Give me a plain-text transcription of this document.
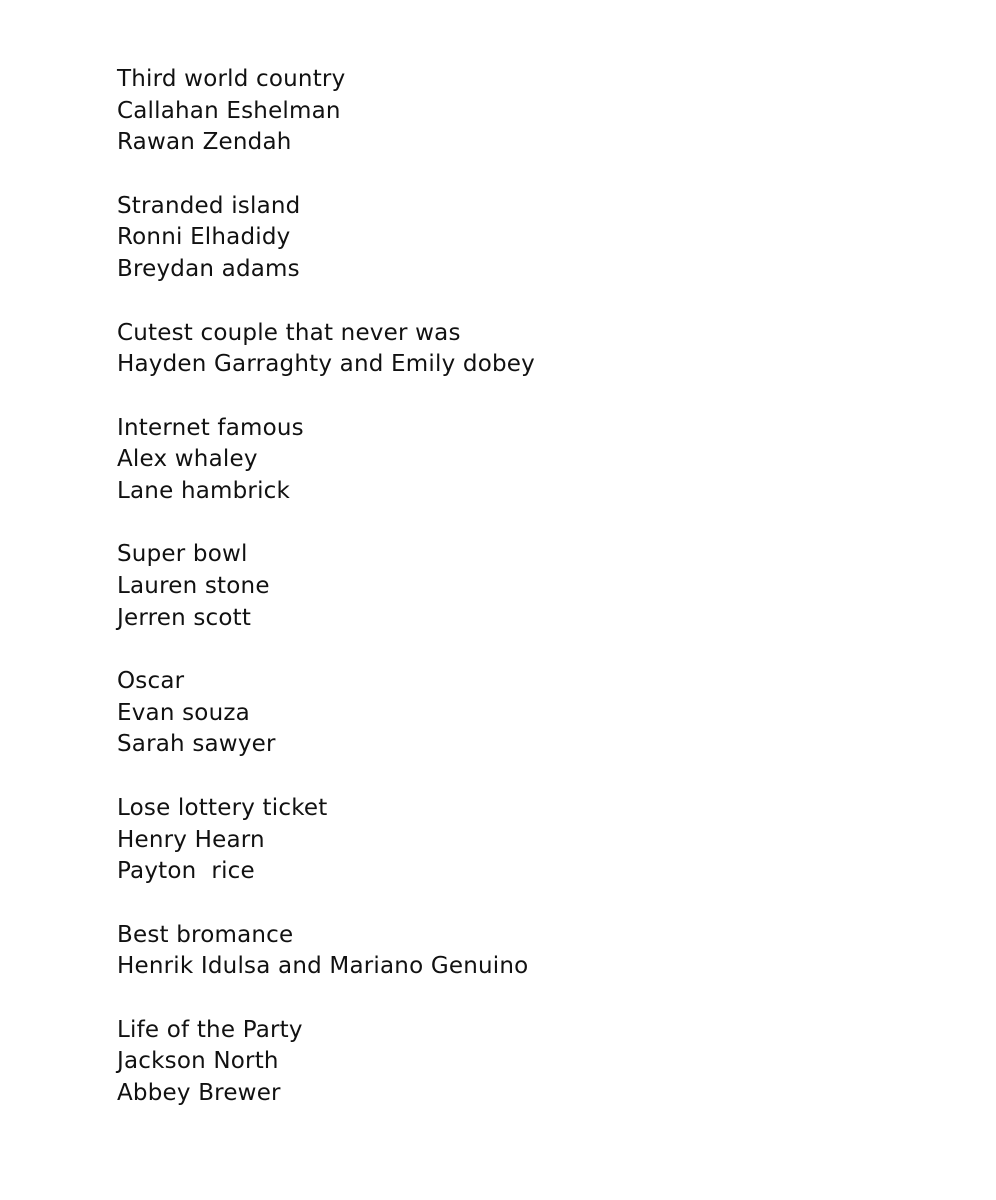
Third world country
Callahan Eshelman
Rawan Zendah
Stranded island
Ronni Elhadidy
Breydan adams
Cutest couple that never was
Hayden Garraghty and Emily dobey
Internet famous
Alex whaley
Lane hambrick
Super bowl
Lauren stone
Jerren scott
Oscar
Evan souza
Sarah sawyer
Lose lottery ticket
Henry Hearn
Payton  rice
Best bromance
Henrik Idulsa and Mariano Genuino
Life of the Party
Jackson North
Abbey Brewer
